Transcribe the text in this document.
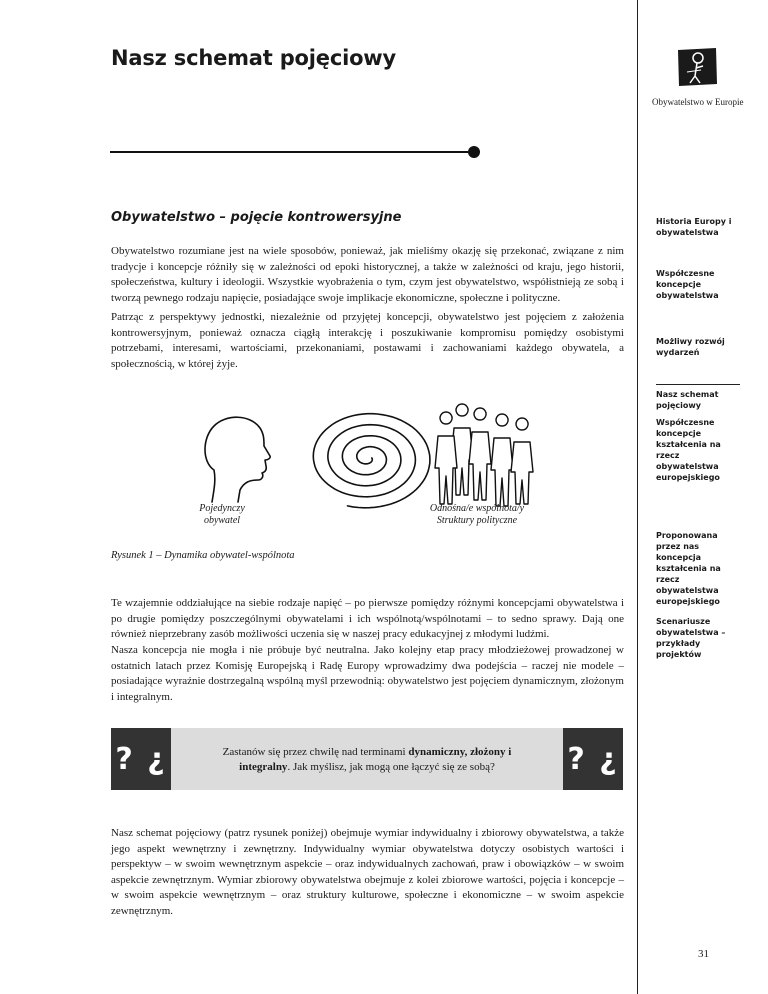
Nasz schemat pojęciowy
Obywatelstwo w Europie
Obywatelstwo – pojęcie kontrowersyjne

Obywatelstwo rozumiane jest na wiele sposobów, ponieważ, jak mieliśmy okazję się przekonać, związane z nim tradycje i koncepcje różniły się w zależności od epoki historycznej, a także w zależności od kraju, jego historii, społeczeństwa, kultury i ideologii. Wszystkie wyobrażenia o tym, czym jest obywatelstwo, współistnieją ze sobą i tworzą pewnego rodzaju napięcie, posiadające swoje implikacje ekonomiczne, społeczne i polityczne.

Patrząc z perspektywy jednostki, niezależnie od przyjętej koncepcji, obywatelstwo jest pojęciem z założenia kontrowersyjnym, ponieważ oznacza ciągłą interakcję i poszukiwanie kompromisu pomiędzy osobistymi potrzebami, interesami, wartościami, przekonaniami, postawami i zachowaniami każdego obywatela, a społecznością, w której żyje.

Pojedynczy
obywatel
Odnośna/e wspólnota/y
Struktury polityczne
Rysunek 1 – Dynamika obywatel-wspólnota

Te wzajemnie oddziałujące na siebie rodzaje napięć – po pierwsze pomiędzy różnymi koncepcjami obywatelstwa i po drugie pomiędzy poszczególnymi obywatelami i ich wspólnotą/wspólnotami – to sedno sprawy. Dają one również nieprzebrany zasób możliwości uczenia się w naszej pracy edukacyjnej z młodymi ludźmi.

Nasza koncepcja nie mogła i nie próbuje być neutralna. Jako kolejny etap pracy młodzieżowej prowadzonej w ostatnich latach przez Komisję Europejską i Radę Europy wprowadzimy dwa podejścia – raczej nie modele – posiadające wyraźnie dostrzegalną wspólną myśl przewodnią: obywatelstwo jest pojęciem dynamicznym, złożonym i integralnym.

? ¿	Zastanów się przez chwilę nad terminami dynamiczny, złożony i integralny. Jak myślisz, jak mogą one łączyć się ze sobą?	? ¿

Nasz schemat pojęciowy (patrz rysunek poniżej) obejmuje wymiar indywidualny i zbiorowy obywatelstwa, a także jego aspekt wewnętrzny i zewnętrzny. Indywidualny wymiar obywatelstwa dotyczy osobistych wartości i perspektyw – w swoim wewnętrznym aspekcie – oraz indywidualnych zachowań, praw i obowiązków – w swoim aspekcie zewnętrznym. Wymiar zbiorowy obywatelstwa obejmuje z kolei zbiorowe wartości, pojęcia i koncepcje – w swoim aspekcie wewnętrznym – oraz struktury kulturowe, społeczne i ekonomiczne – w swoim aspekcie zewnętrznym.

Historia Europy i obywatelstwa
Współczesne koncepcje obywatelstwa
Możliwy rozwój wydarzeń
Nasz schemat pojęciowy
Współczesne koncepcje kształcenia na rzecz obywatelstwa europejskiego
Proponowana przez nas koncepcja kształcenia na rzecz obywatelstwa europejskiego
Scenariusze obywatelstwa – przykłady projektów
31
